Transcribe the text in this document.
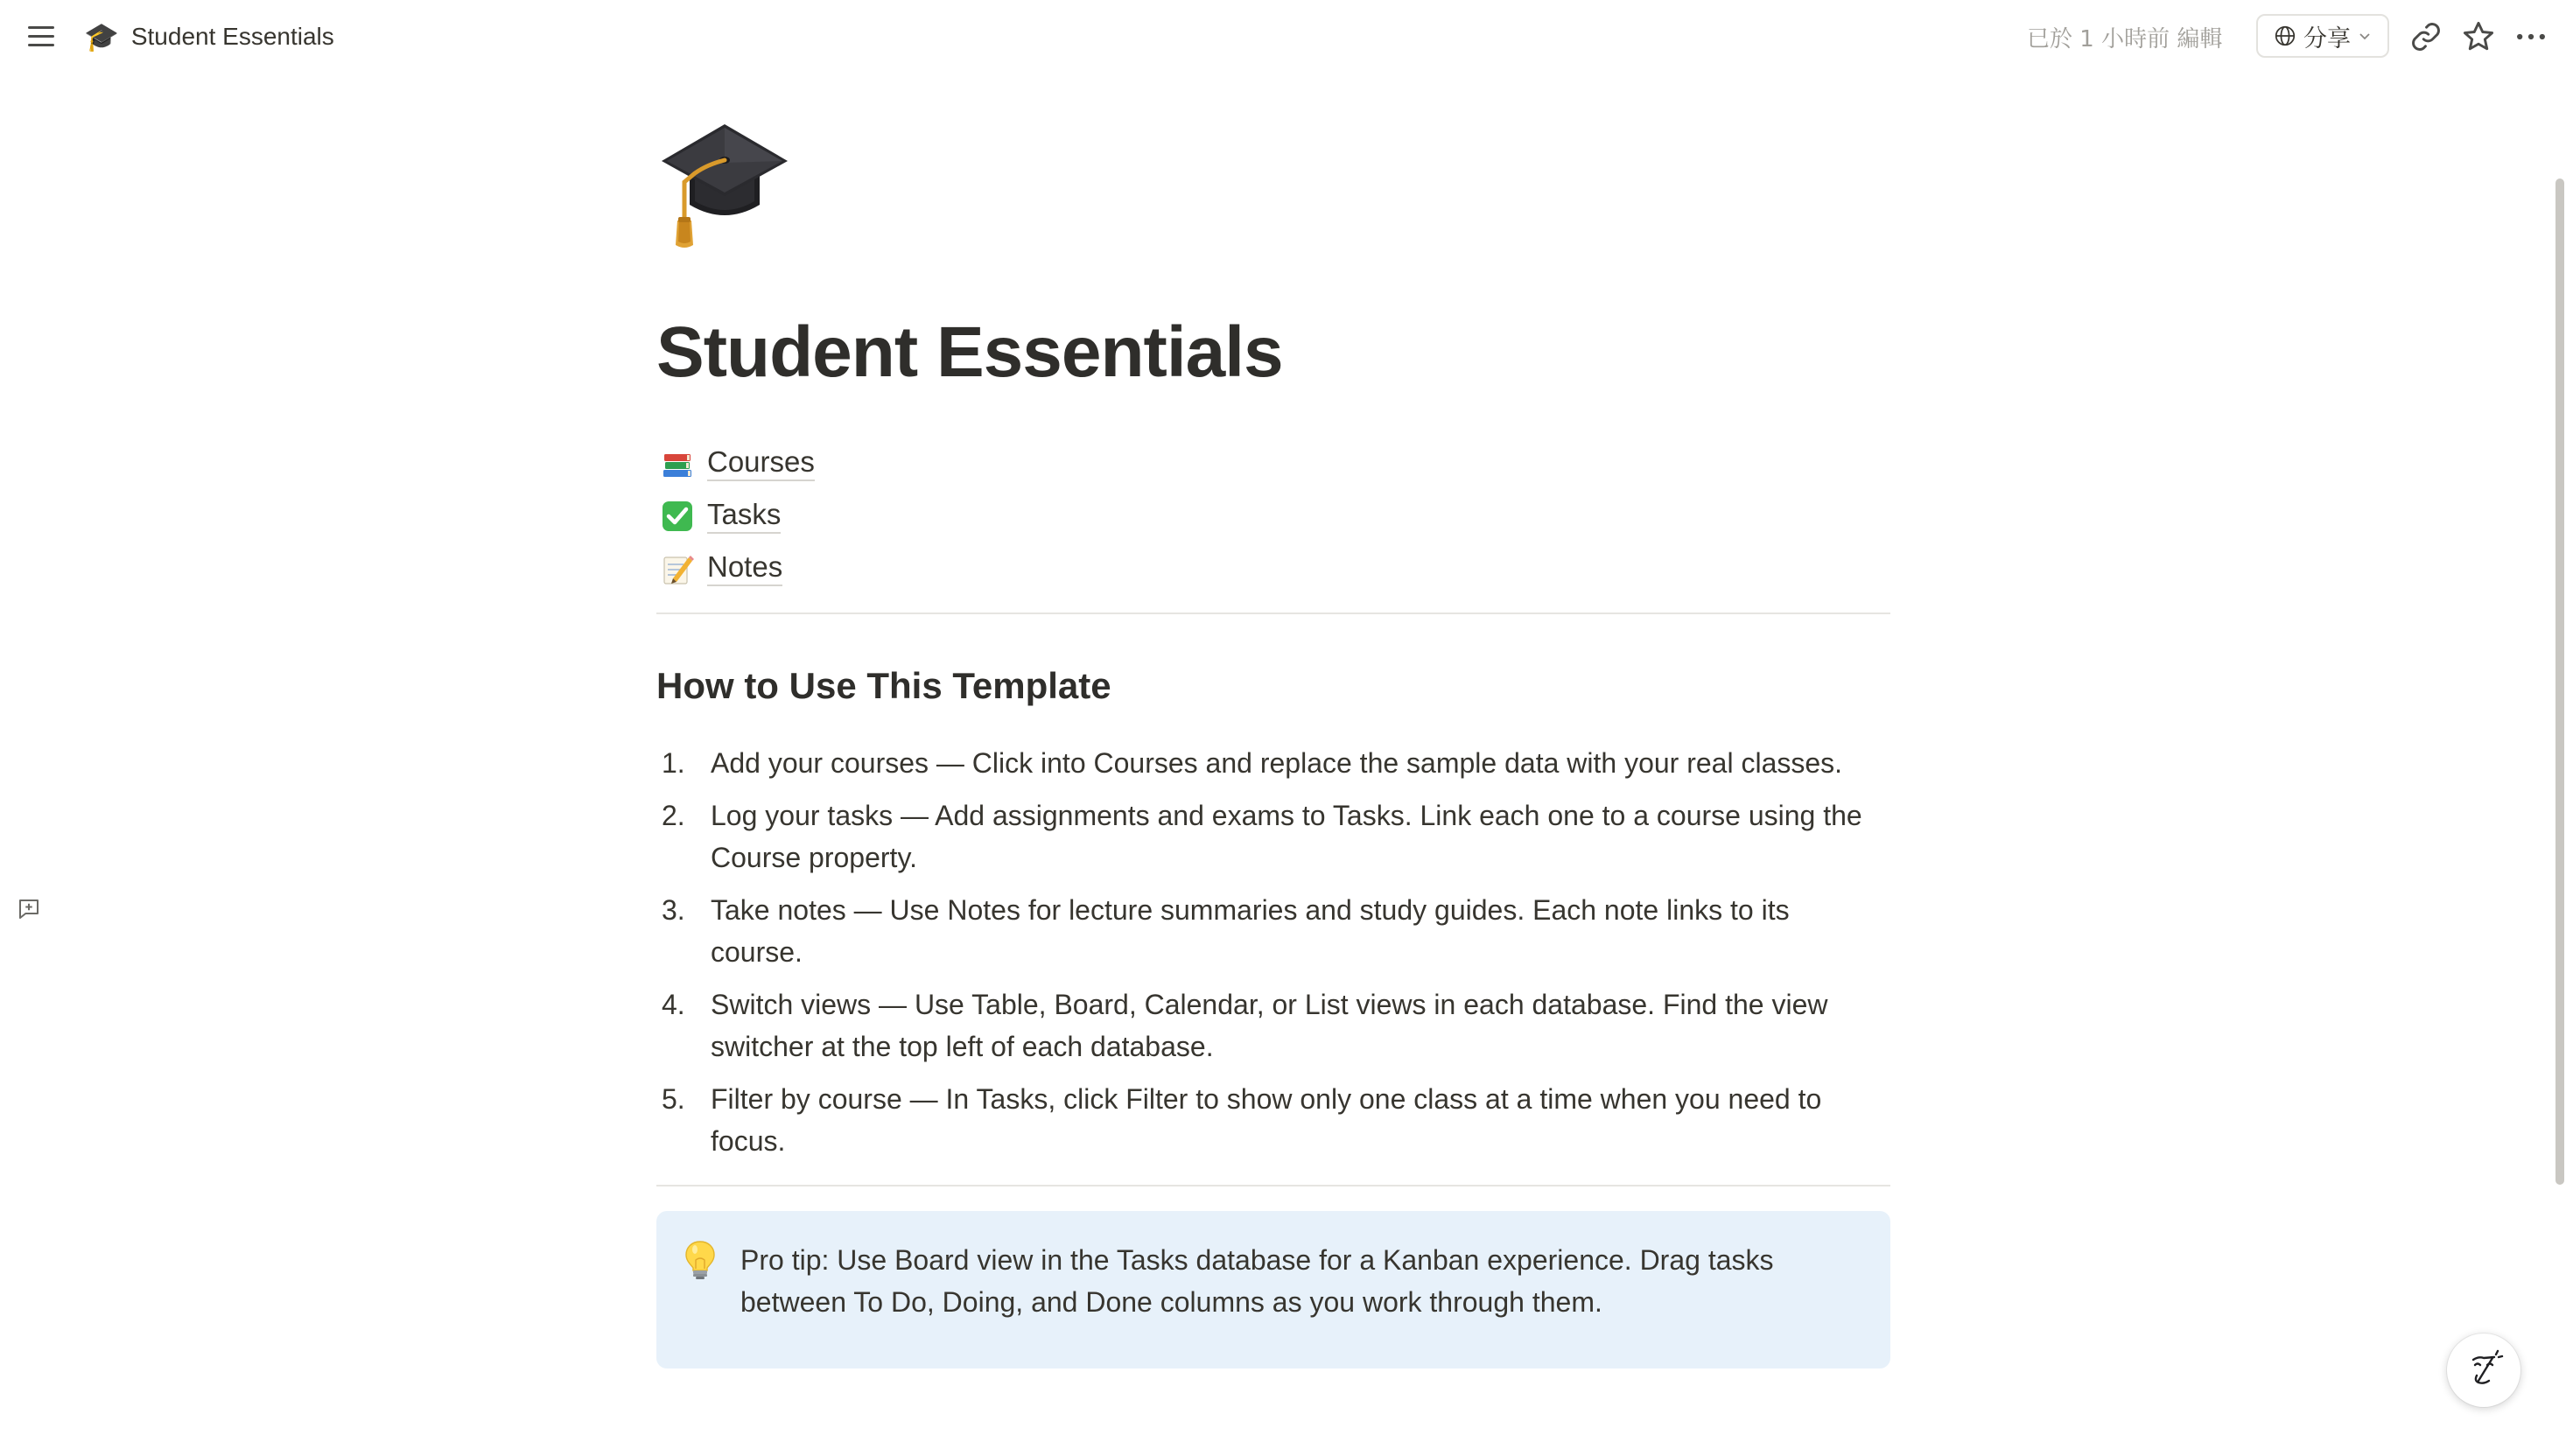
🎓 Student Essentials	已於 1 小時前 編輯	分享
Student Essentials
Courses
Tasks
Notes
How to Use This Template
1. Add your courses — Click into Courses and replace the sample data with your real classes.
2. Log your tasks — Add assignments and exams to Tasks. Link each one to a course using the Course property.
3. Take notes — Use Notes for lecture summaries and study guides. Each note links to its course.
4. Switch views — Use Table, Board, Calendar, or List views in each database. Find the view switcher at the top left of each database.
5. Filter by course — In Tasks, click Filter to show only one class at a time when you need to focus.
Pro tip: Use Board view in the Tasks database for a Kanban experience. Drag tasks between To Do, Doing, and Done columns as you work through them.
